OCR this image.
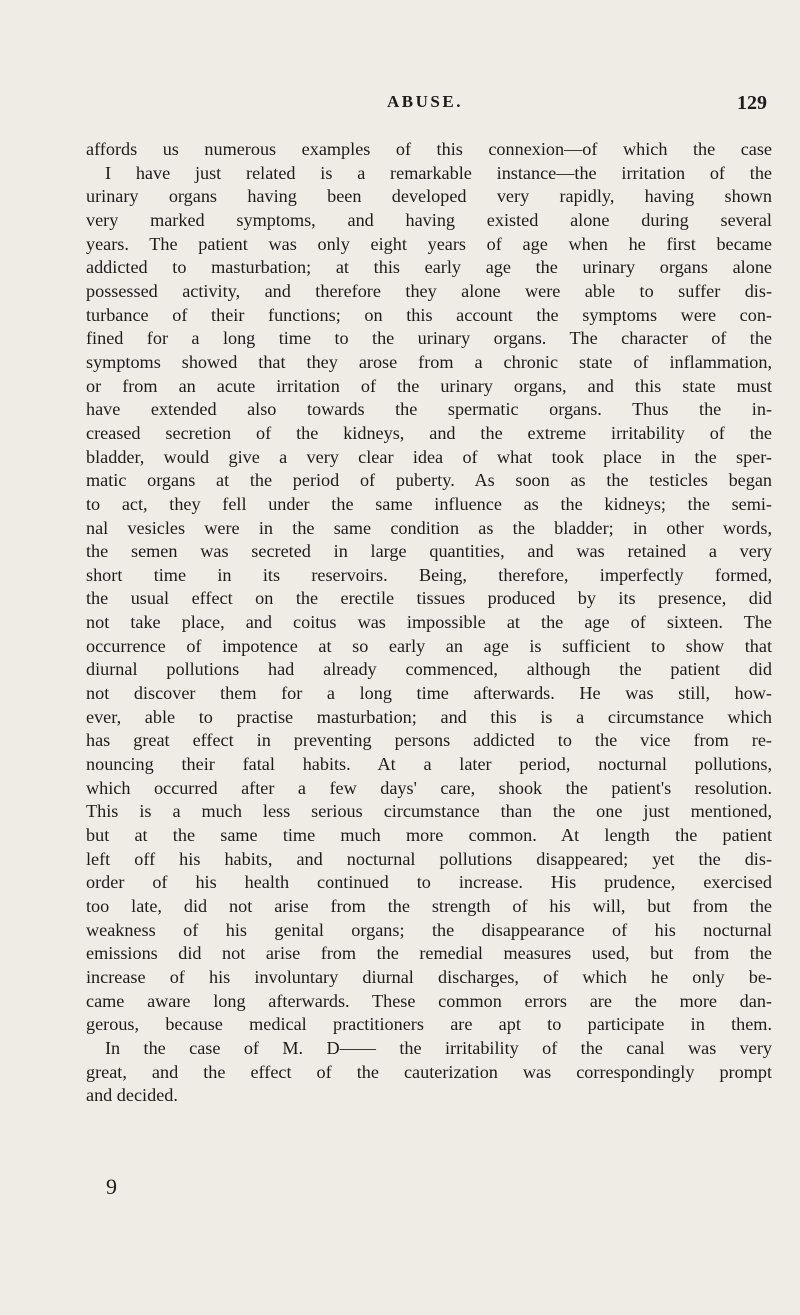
ABUSE.	129

affords us numerous examples of this connexion—of which the case
I have just related is a remarkable instance—the irritation of the
urinary organs having been developed very rapidly, having shown
very marked symptoms, and having existed alone during several
years. The patient was only eight years of age when he first became
addicted to masturbation; at this early age the urinary organs alone
possessed activity, and therefore they alone were able to suffer dis-
turbance of their functions; on this account the symptoms were con-
fined for a long time to the urinary organs. The character of the
symptoms showed that they arose from a chronic state of inflammation,
or from an acute irritation of the urinary organs, and this state must
have extended also towards the spermatic organs. Thus the in-
creased secretion of the kidneys, and the extreme irritability of the
bladder, would give a very clear idea of what took place in the sper-
matic organs at the period of puberty. As soon as the testicles began
to act, they fell under the same influence as the kidneys; the semi-
nal vesicles were in the same condition as the bladder; in other words,
the semen was secreted in large quantities, and was retained a very
short time in its reservoirs. Being, therefore, imperfectly formed,
the usual effect on the erectile tissues produced by its presence, did
not take place, and coitus was impossible at the age of sixteen. The
occurrence of impotence at so early an age is sufficient to show that
diurnal pollutions had already commenced, although the patient did
not discover them for a long time afterwards. He was still, how-
ever, able to practise masturbation; and this is a circumstance which
has great effect in preventing persons addicted to the vice from re-
nouncing their fatal habits. At a later period, nocturnal pollutions,
which occurred after a few days' care, shook the patient's resolution.
This is a much less serious circumstance than the one just mentioned,
but at the same time much more common. At length the patient
left off his habits, and nocturnal pollutions disappeared; yet the dis-
order of his health continued to increase. His prudence, exercised
too late, did not arise from the strength of his will, but from the
weakness of his genital organs; the disappearance of his nocturnal
emissions did not arise from the remedial measures used, but from the
increase of his involuntary diurnal discharges, of which he only be-
came aware long afterwards. These common errors are the more dan-
gerous, because medical practitioners are apt to participate in them.
In the case of M. D—— the irritability of the canal was very
great, and the effect of the cauterization was correspondingly prompt
and decided.

9
